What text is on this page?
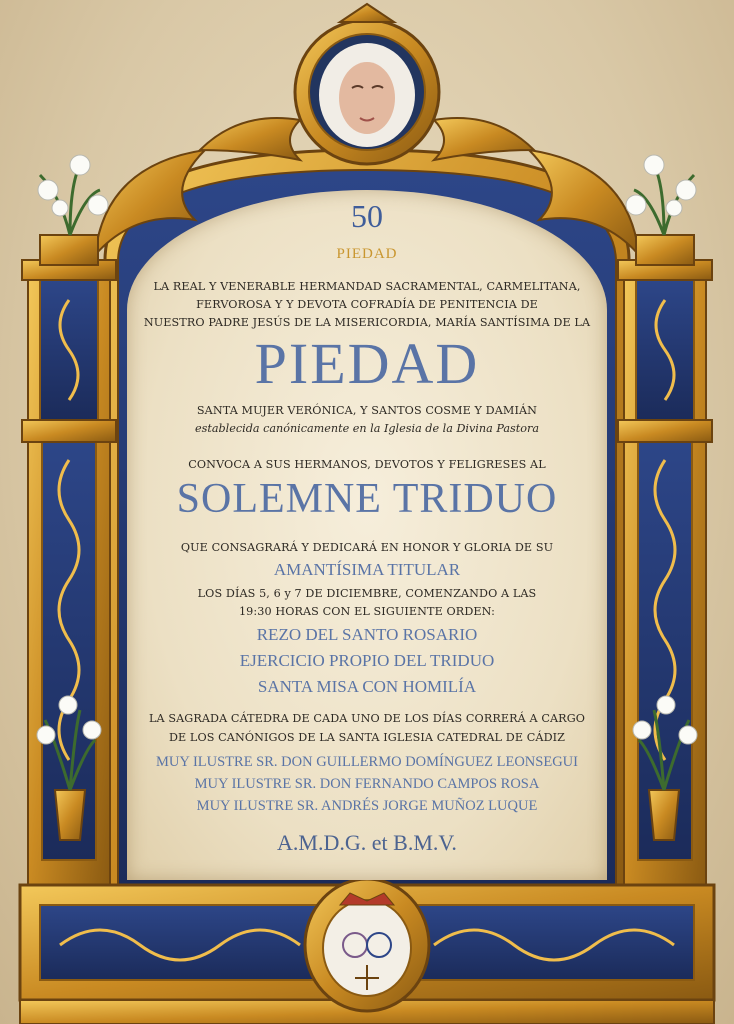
50
PIEDAD
LA REAL Y VENERABLE HERMANDAD SACRAMENTAL, CARMELITANA,
FERVOROSA Y Y DEVOTA COFRADÍA DE PENITENCIA DE
NUESTRO PADRE JESÚS DE LA MISERICORDIA, MARÍA SANTÍSIMA DE LA
PIEDAD
SANTA MUJER VERÓNICA, Y SANTOS COSME Y DAMIÁN
establecida canónicamente en la Iglesia de la Divina Pastora
CONVOCA A SUS HERMANOS, DEVOTOS Y FELIGRESES AL
SOLEMNE TRIDUO
QUE CONSAGRARÁ Y DEDICARÁ EN HONOR Y GLORIA DE SU
AMANTÍSIMA TITULAR
LOS DÍAS 5, 6 y 7 DE DICIEMBRE, COMENZANDO A LAS
19:30 HORAS CON EL SIGUIENTE ORDEN:
REZO DEL SANTO ROSARIO
EJERCICIO PROPIO DEL TRIDUO
SANTA MISA CON HOMILÍA
LA SAGRADA CÁTEDRA DE CADA UNO DE LOS DÍAS CORRERÁ A CARGO
DE LOS CANÓNIGOS DE LA SANTA IGLESIA CATEDRAL DE CÁDIZ
MUY ILUSTRE SR. DON GUILLERMO DOMÍNGUEZ LEONSEGUI
MUY ILUSTRE SR. DON FERNANDO CAMPOS ROSA
MUY ILUSTRE SR. ANDRÉS JORGE MUÑOZ LUQUE
A.M.D.G. et B.M.V.
